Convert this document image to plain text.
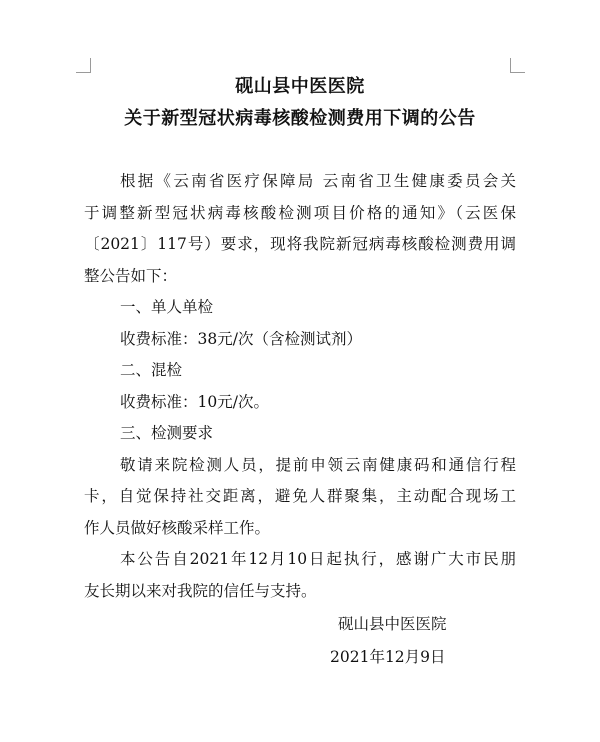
砚山县中医医院
关于新型冠状病毒核酸检测费用下调的公告
根据《云南省医疗保障局 云南省卫生健康委员会关
于调整新型冠状病毒核酸检测项目价格的通知》（云医保
〔2021〕117号）要求，现将我院新冠病毒核酸检测费用调
整公告如下：
一、单人单检
收费标准：38元/次（含检测试剂）
二、混检
收费标准：10元/次。
三、检测要求
敬请来院检测人员，提前申领云南健康码和通信行程
卡，自觉保持社交距离，避免人群聚集，主动配合现场工
作人员做好核酸采样工作。
本公告自2021年12月10日起执行，感谢广大市民朋
友长期以来对我院的信任与支持。
砚山县中医医院
2021年12月9日
